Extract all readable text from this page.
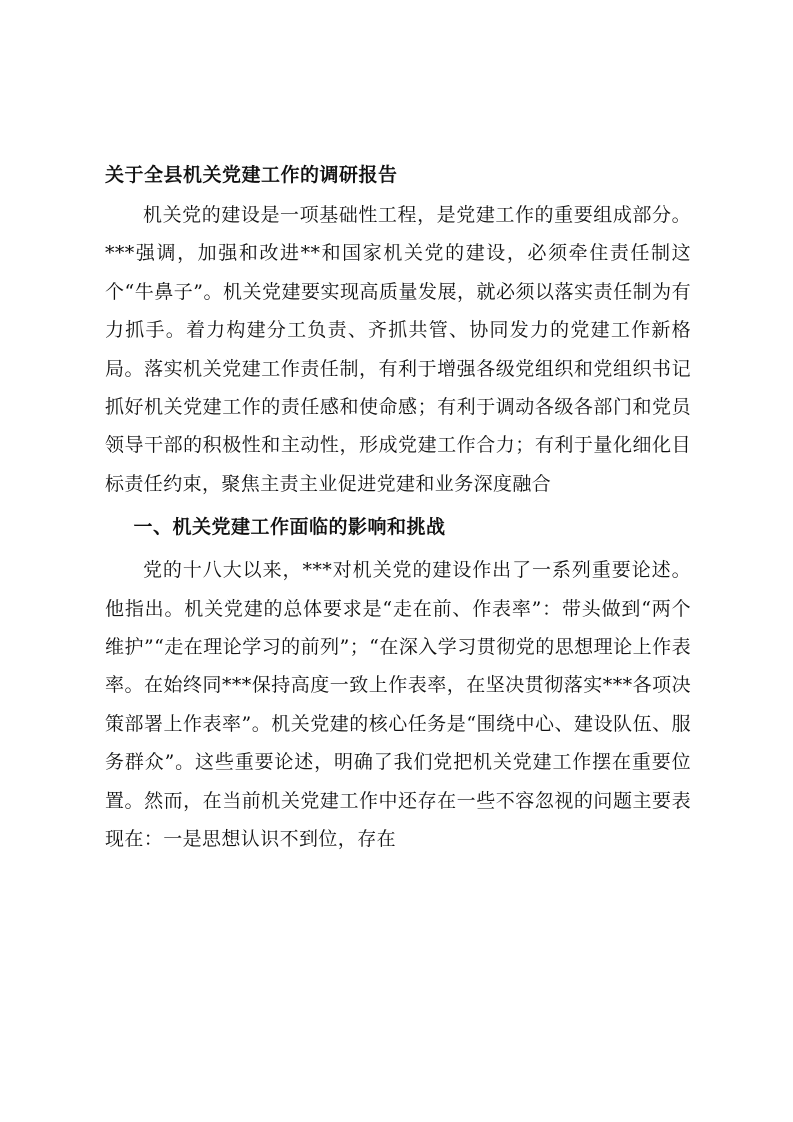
关于全县机关党建工作的调研报告

机关党的建设是一项基础性工程，是党建工作的重要组成部分。***强调，加强和改进**和国家机关党的建设，必须牵住责任制这个“牛鼻子”。机关党建要实现高质量发展，就必须以落实责任制为有力抓手。着力构建分工负责、齐抓共管、协同发力的党建工作新格局。落实机关党建工作责任制，有利于增强各级党组织和党组织书记抓好机关党建工作的责任感和使命感；有利于调动各级各部门和党员领导干部的积极性和主动性，形成党建工作合力；有利于量化细化目标责任约束，聚焦主责主业促进党建和业务深度融合

一、机关党建工作面临的影响和挑战

党的十八大以来，***对机关党的建设作出了一系列重要论述。他指出。机关党建的总体要求是“走在前、作表率”：带头做到“两个维护”“走在理论学习的前列”；“在深入学习贯彻党的思想理论上作表率。在始终同***保持高度一致上作表率，在坚决贯彻落实***各项决策部署上作表率”。机关党建的核心任务是“围绕中心、建设队伍、服务群众”。这些重要论述，明确了我们党把机关党建工作摆在重要位置。然而，在当前机关党建工作中还存在一些不容忽视的问题主要表现在：一是思想认识不到位，存在
